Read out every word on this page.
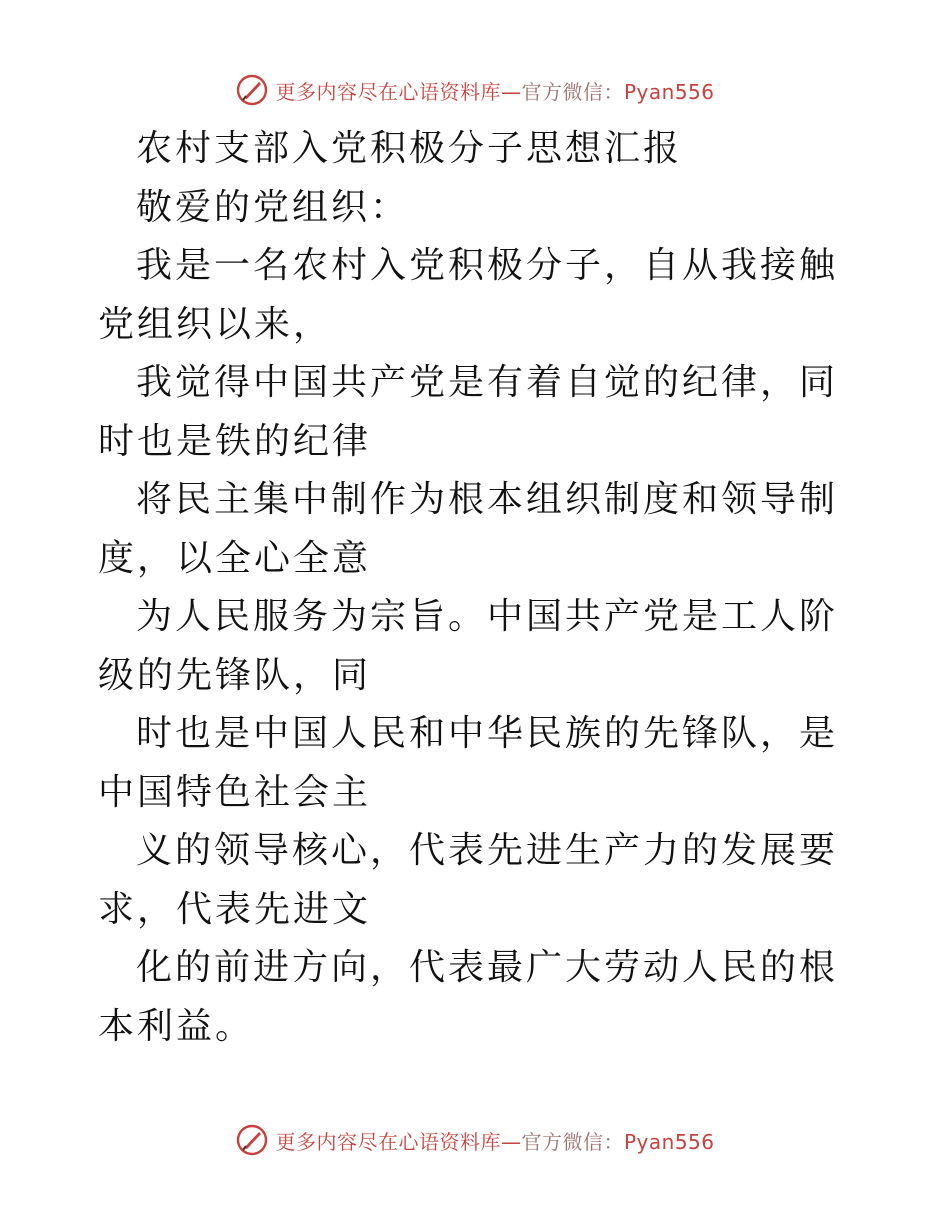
更多内容尽在心语资料库—官方微信：Pyan556

农村支部入党积极分子思想汇报

敬爱的党组织：

我是一名农村入党积极分子，自从我接触党组织以来，

我觉得中国共产党是有着自觉的纪律，同时也是铁的纪律

将民主集中制作为根本组织制度和领导制度，以全心全意

为人民服务为宗旨。中国共产党是工人阶级的先锋队，同

时也是中国人民和中华民族的先锋队，是中国特色社会主

义的领导核心，代表先进生产力的发展要求，代表先进文

化的前进方向，代表最广大劳动人民的根本利益。

更多内容尽在心语资料库—官方微信：Pyan556
